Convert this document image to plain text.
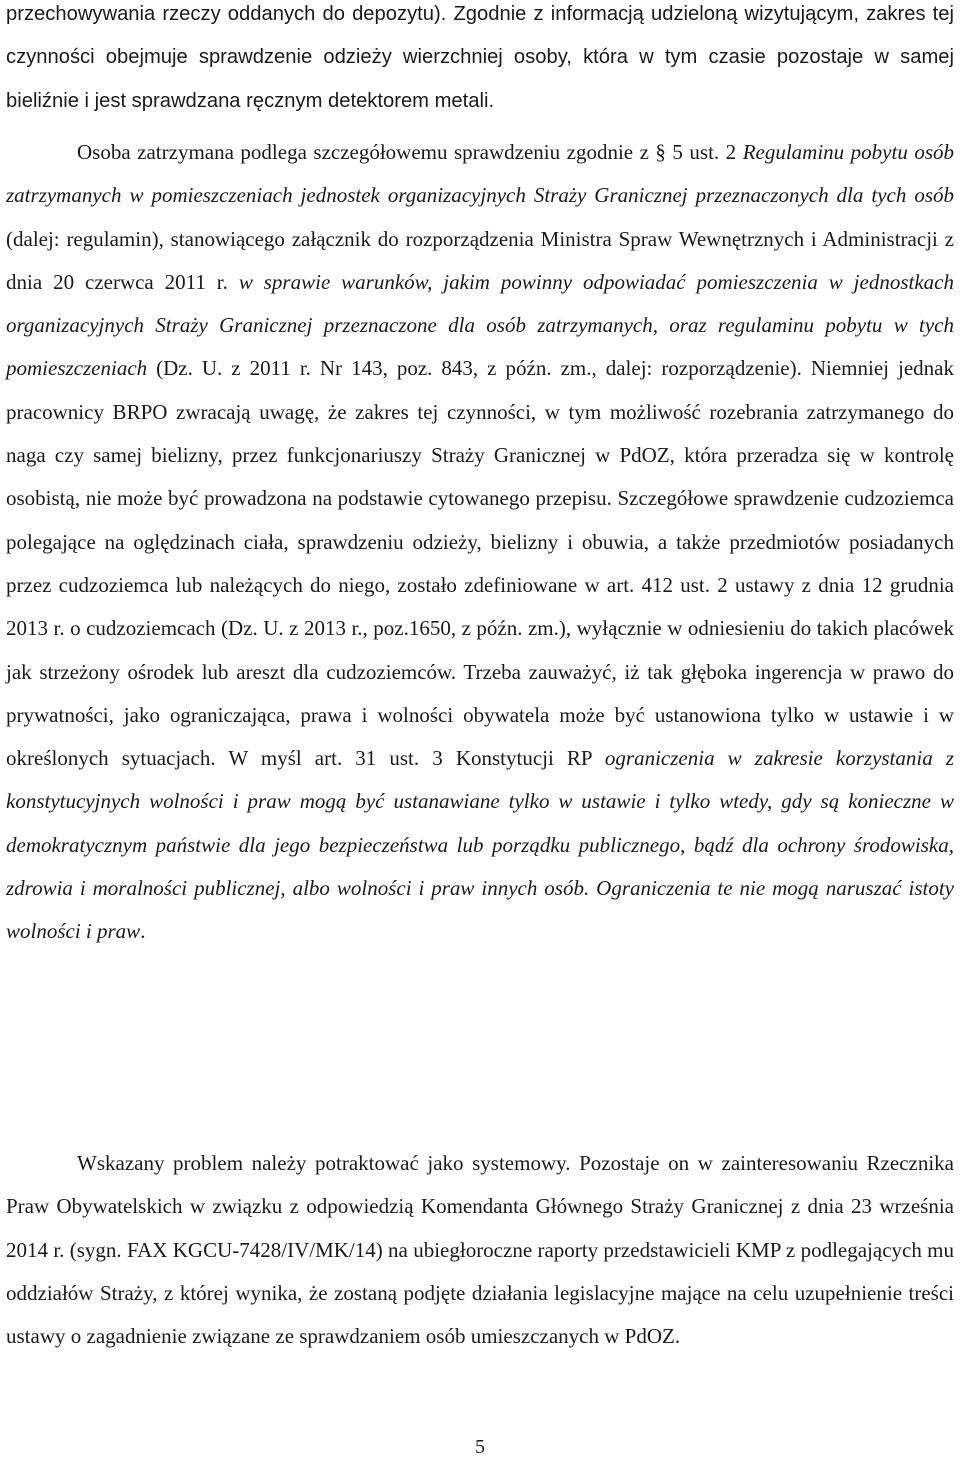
przechowywania rzeczy oddanych do depozytu). Zgodnie z informacją udzieloną wizytującym, zakres tej czynności obejmuje sprawdzenie odzieży wierzchniej osoby, która w tym czasie pozostaje w samej bieliźnie i jest sprawdzana ręcznym detektorem metali.

Osoba zatrzymana podlega szczegółowemu sprawdzeniu zgodnie z § 5 ust. 2 Regulaminu pobytu osób zatrzymanych w pomieszczeniach jednostek organizacyjnych Straży Granicznej przeznaczonych dla tych osób (dalej: regulamin), stanowiącego załącznik do rozporządzenia Ministra Spraw Wewnętrznych i Administracji z dnia 20 czerwca 2011 r. w sprawie warunków, jakim powinny odpowiadać pomieszczenia w jednostkach organizacyjnych Straży Granicznej przeznaczone dla osób zatrzymanych, oraz regulaminu pobytu w tych pomieszczeniach (Dz. U. z 2011 r. Nr 143, poz. 843, z późn. zm., dalej: rozporządzenie). Niemniej jednak pracownicy BRPO zwracają uwagę, że zakres tej czynności, w tym możliwość rozebrania zatrzymanego do naga czy samej bielizny, przez funkcjonariuszy Straży Granicznej w PdOZ, która przeradza się w kontrolę osobistą, nie może być prowadzona na podstawie cytowanego przepisu. Szczegółowe sprawdzenie cudzoziemca polegające na oględzinach ciała, sprawdzeniu odzieży, bielizny i obuwia, a także przedmiotów posiadanych przez cudzoziemca lub należących do niego, zostało zdefiniowane w art. 412 ust. 2 ustawy z dnia 12 grudnia 2013 r. o cudzoziemcach (Dz. U. z 2013 r., poz.1650, z późn. zm.), wyłącznie w odniesieniu do takich placówek jak strzeżony ośrodek lub areszt dla cudzoziemców. Trzeba zauważyć, iż tak głęboka ingerencja w prawo do prywatności, jako ograniczająca, prawa i wolności obywatela może być ustanowiona tylko w ustawie i w określonych sytuacjach. W myśl art. 31 ust. 3 Konstytucji RP ograniczenia w zakresie korzystania z konstytucyjnych wolności i praw mogą być ustanawiane tylko w ustawie i tylko wtedy, gdy są konieczne w demokratycznym państwie dla jego bezpieczeństwa lub porządku publicznego, bądź dla ochrony środowiska, zdrowia i moralności publicznej, albo wolności i praw innych osób. Ograniczenia te nie mogą naruszać istoty wolności i praw.

Wskazany problem należy potraktować jako systemowy. Pozostaje on w zainteresowaniu Rzecznika Praw Obywatelskich w związku z odpowiedzią Komendanta Głównego Straży Granicznej z dnia 23 września 2014 r. (sygn. FAX KGCU-7428/IV/MK/14) na ubiegłoroczne raporty przedstawicieli KMP z podlegających mu oddziałów Straży, z której wynika, że zostaną podjęte działania legislacyjne mające na celu uzupełnienie treści ustawy o zagadnienie związane ze sprawdzaniem osób umieszczanych w PdOZ.

5
